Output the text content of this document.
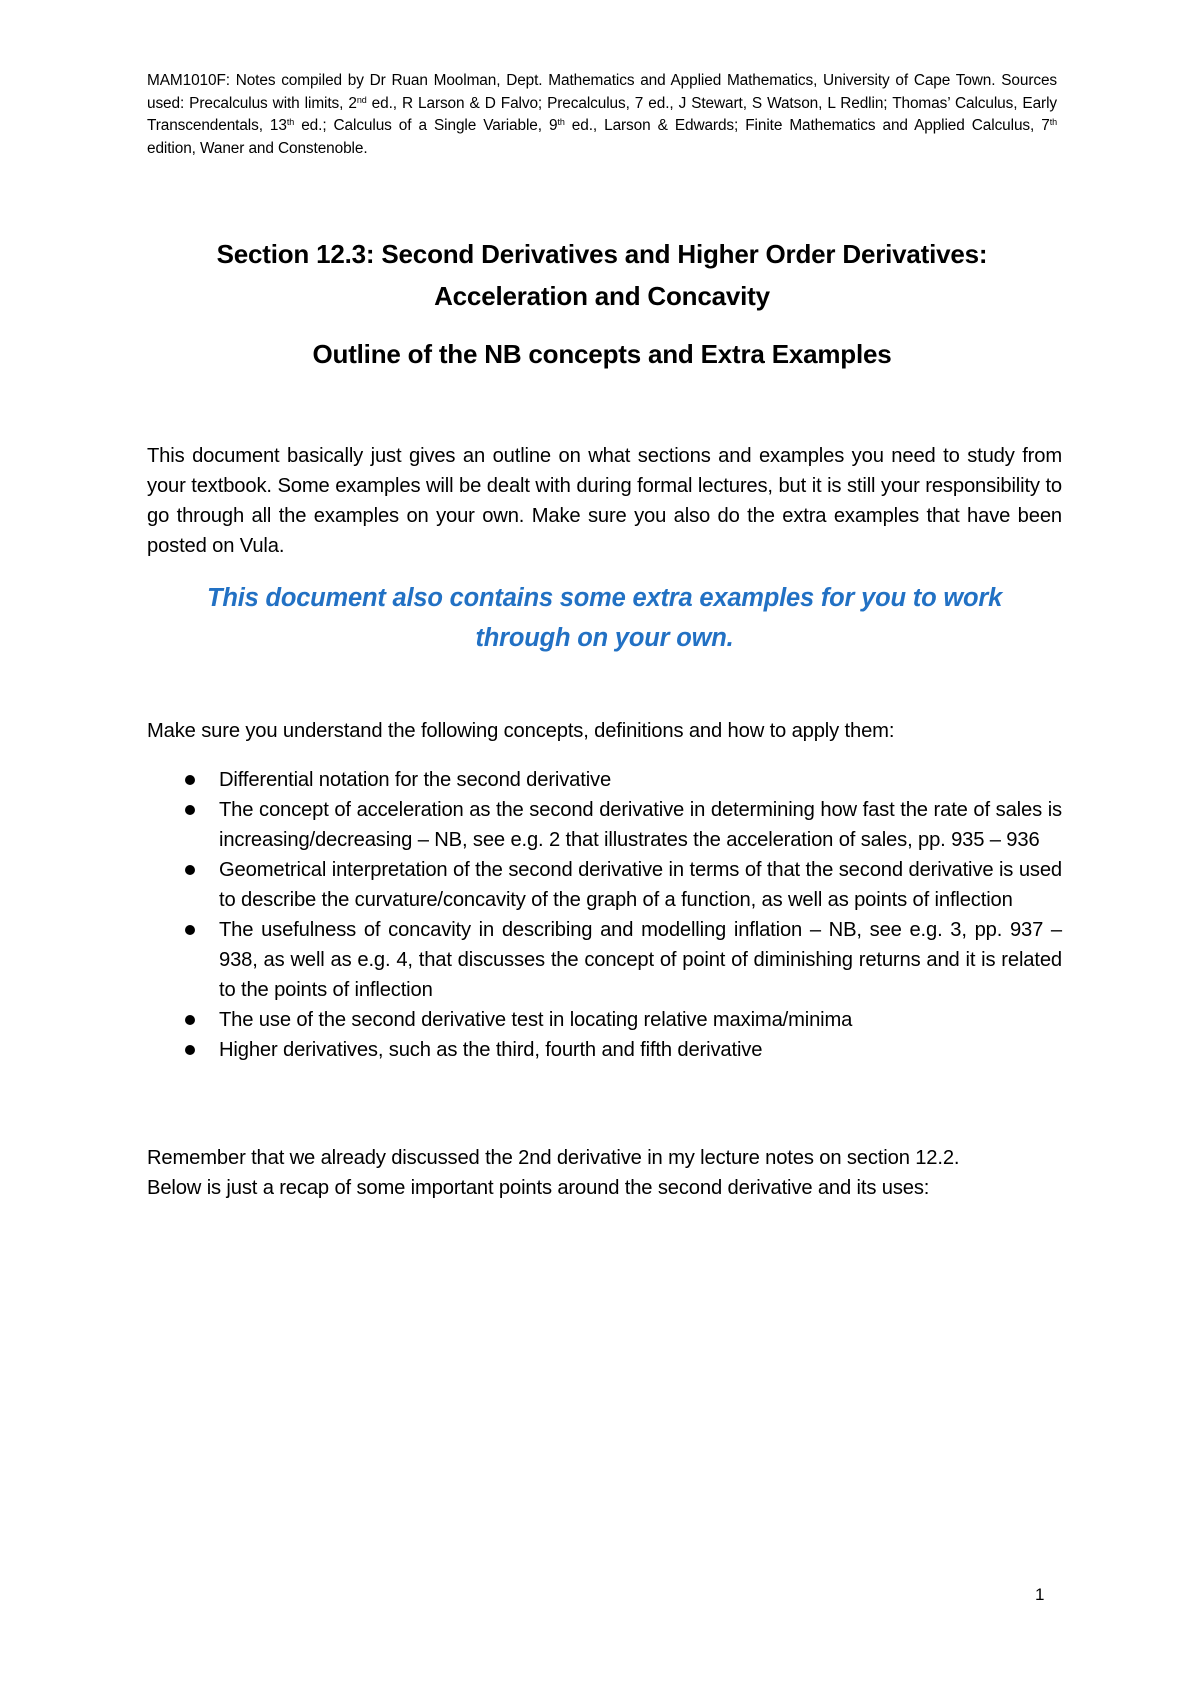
MAM1010F: Notes compiled by Dr Ruan Moolman, Dept. Mathematics and Applied Mathematics, University of Cape Town. Sources used: Precalculus with limits, 2nd ed., R Larson & D Falvo; Precalculus, 7 ed., J Stewart, S Watson, L Redlin; Thomas’ Calculus, Early Transcendentals, 13th ed.; Calculus of a Single Variable, 9th ed., Larson & Edwards; Finite Mathematics and Applied Calculus, 7th edition, Waner and Constenoble.
Section 12.3: Second Derivatives and Higher Order Derivatives:
Acceleration and Concavity
Outline of the NB concepts and Extra Examples
This document basically just gives an outline on what sections and examples you need to study from your textbook. Some examples will be dealt with during formal lectures, but it is still your responsibility to go through all the examples on your own. Make sure you also do the extra examples that have been posted on Vula.
This document also contains some extra examples for you to work
through on your own.
Make sure you understand the following concepts, definitions and how to apply them:
Differential notation for the second derivative
The concept of acceleration as the second derivative in determining how fast the rate of sales is increasing/decreasing – NB, see e.g. 2 that illustrates the acceleration of sales, pp. 935 – 936
Geometrical interpretation of the second derivative in terms of that the second derivative is used to describe the curvature/concavity of the graph of a function, as well as points of inflection
The usefulness of concavity in describing and modelling inflation – NB, see e.g. 3, pp. 937 – 938, as well as e.g. 4, that discusses the concept of point of diminishing returns and it is related to the points of inflection
The use of the second derivative test in locating relative maxima/minima
Higher derivatives, such as the third, fourth and fifth derivative
Remember that we already discussed the 2nd derivative in my lecture notes on section 12.2.
Below is just a recap of some important points around the second derivative and its uses:
1
